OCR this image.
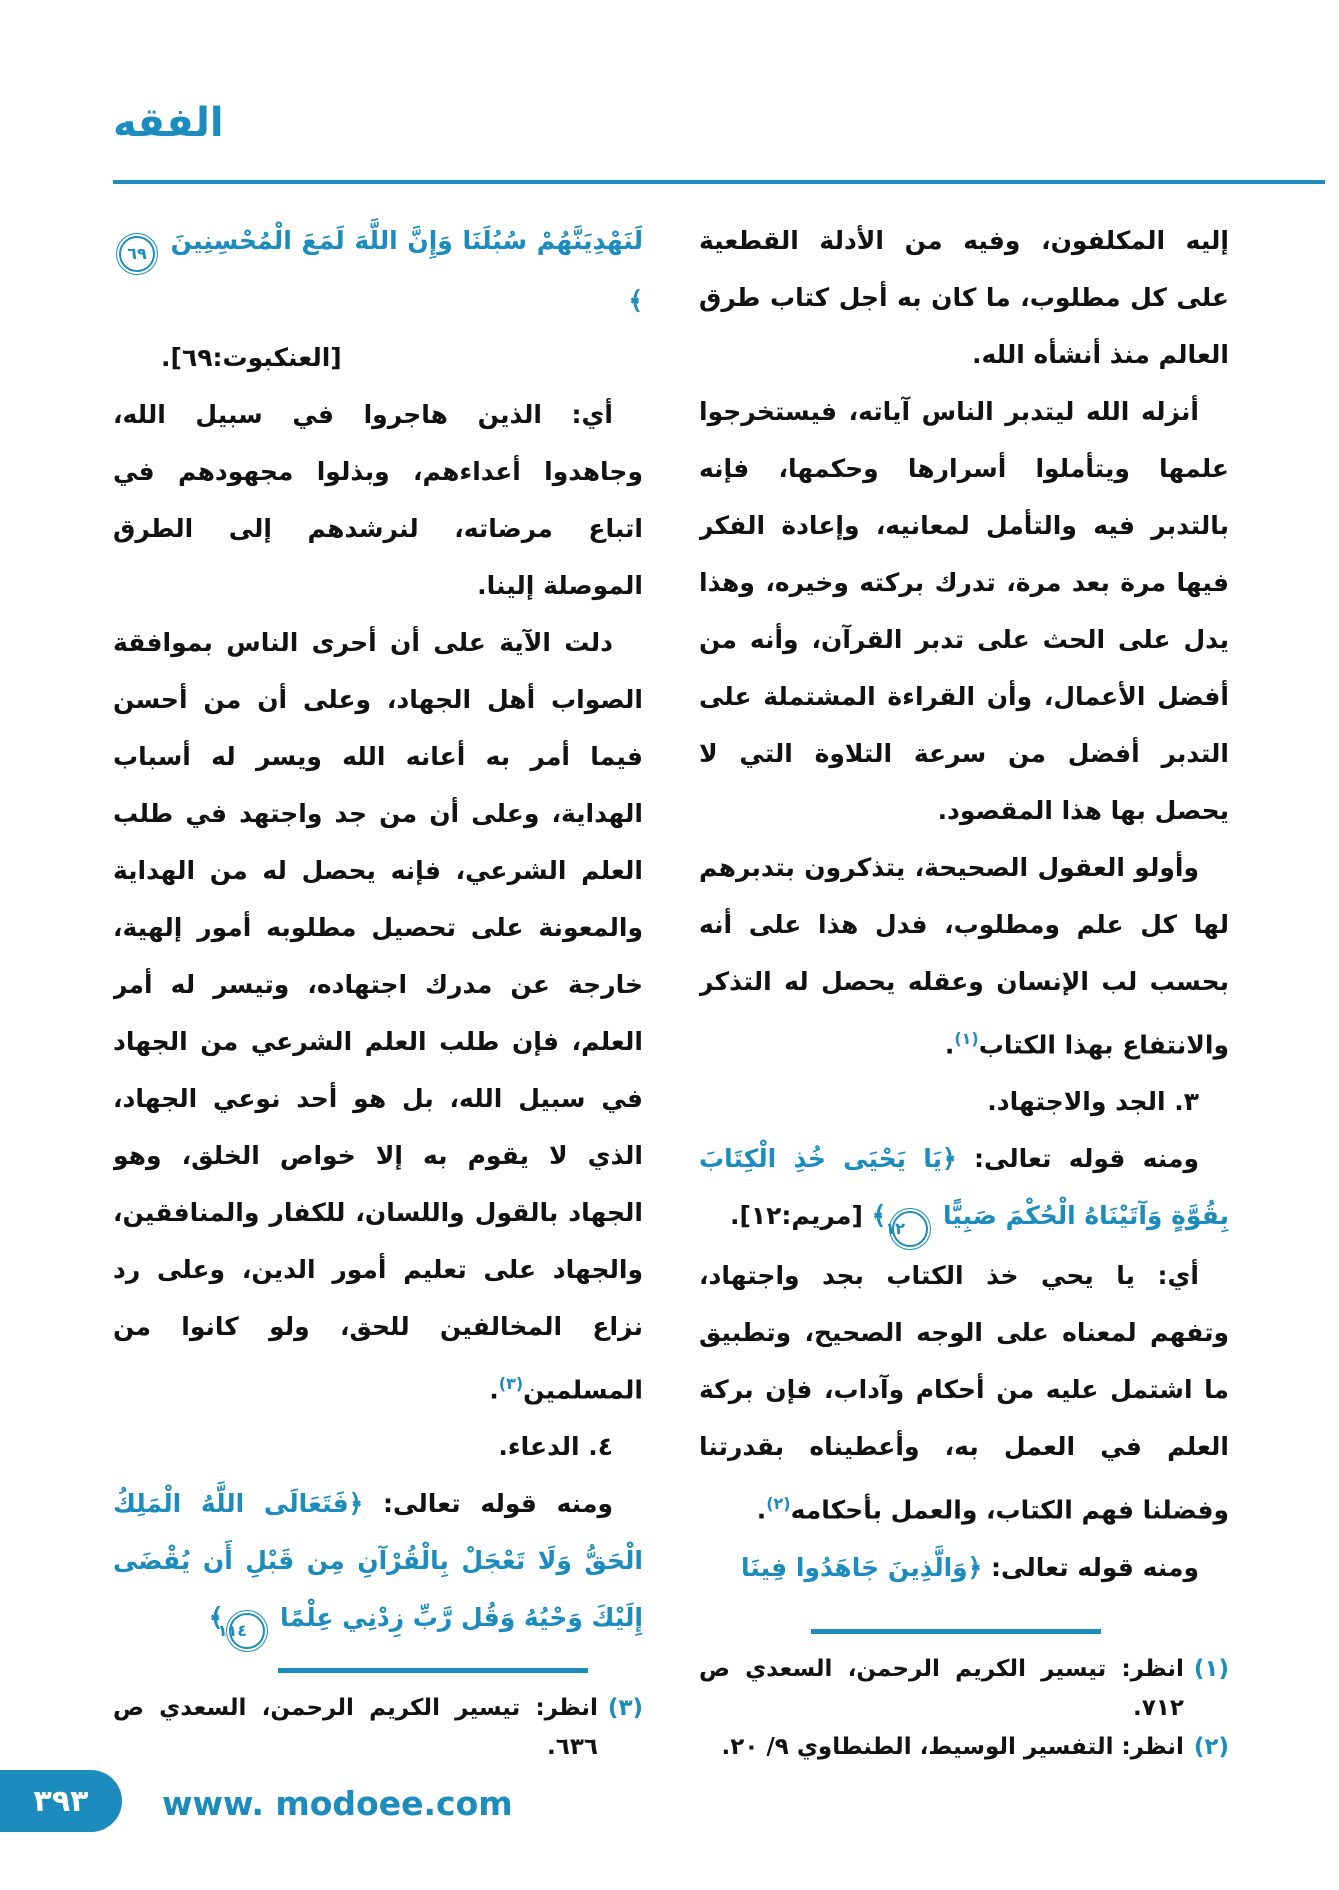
الفقه

إليه المكلفون، وفيه من الأدلة القطعية على كل مطلوب، ما كان به أجل كتاب طرق العالم منذ أنشأه الله.

أنزله الله ليتدبر الناس آياته، فيستخرجوا علمها ويتأملوا أسرارها وحكمها، فإنه بالتدبر فيه والتأمل لمعانيه، وإعادة الفكر فيها مرة بعد مرة، تدرك بركته وخيره، وهذا يدل على الحث على تدبر القرآن، وأنه من أفضل الأعمال، وأن القراءة المشتملة على التدبر أفضل من سرعة التلاوة التي لا يحصل بها هذا المقصود.

وأولو العقول الصحيحة، يتذكرون بتدبرهم لها كل علم ومطلوب، فدل هذا على أنه بحسب لب الإنسان وعقله يحصل له التذكر والانتفاع بهذا الكتاب$^{(١)}$.

٣. الجد والاجتهاد.

ومنه قوله تعالى: ﴿يَا يَحْيَى خُذِ الْكِتَابَ بِقُوَّةٍ وَآتَيْنَاهُ الْحُكْمَ صَبِيًّا ١٢﴾ [مريم:١٢].

أي: يا يحي خذ الكتاب بجد واجتهاد، وتفهم لمعناه على الوجه الصحيح، وتطبيق ما اشتمل عليه من أحكام وآداب، فإن بركة العلم في العمل به، وأعطيناه بقدرتنا وفضلنا فهم الكتاب، والعمل بأحكامه$^{(٢)}$.

ومنه قوله تعالى: ﴿وَالَّذِينَ جَاهَدُوا فِينَا

(١)
انظر: تيسير الكريم الرحمن، السعدي ص ٧١٢.
(٢)
انظر: التفسير الوسيط، الطنطاوي ٩/ ٢٠.

لَنَهْدِيَنَّهُمْ سُبُلَنَا وَإِنَّ اللَّهَ لَمَعَ الْمُحْسِنِينَ ٦٩﴾

[العنكبوت:٦٩].

أي: الذين هاجروا في سبيل الله، وجاهدوا أعداءهم، وبذلوا مجهودهم في اتباع مرضاته، لنرشدهم إلى الطرق الموصلة إلينا.

دلت الآية على أن أحرى الناس بموافقة الصواب أهل الجهاد، وعلى أن من أحسن فيما أمر به أعانه الله ويسر له أسباب الهداية، وعلى أن من جد واجتهد في طلب العلم الشرعي، فإنه يحصل له من الهداية والمعونة على تحصيل مطلوبه أمور إلهية، خارجة عن مدرك اجتهاده، وتيسر له أمر العلم، فإن طلب العلم الشرعي من الجهاد في سبيل الله، بل هو أحد نوعي الجهاد، الذي لا يقوم به إلا خواص الخلق، وهو الجهاد بالقول واللسان، للكفار والمنافقين، والجهاد على تعليم أمور الدين، وعلى رد نزاع المخالفين للحق، ولو كانوا من المسلمين$^{(٣)}$.

٤. الدعاء.

ومنه قوله تعالى: ﴿فَتَعَالَى اللَّهُ الْمَلِكُ الْحَقُّ وَلَا تَعْجَلْ بِالْقُرْآنِ مِن قَبْلِ أَن يُقْضَى إِلَيْكَ وَحْيُهُ وَقُل رَّبِّ زِدْنِي عِلْمًا ١١٤﴾

(٣)
انظر: تيسير الكريم الرحمن، السعدي ص ٦٣٦.
٣٩٣	www. modoee.com
